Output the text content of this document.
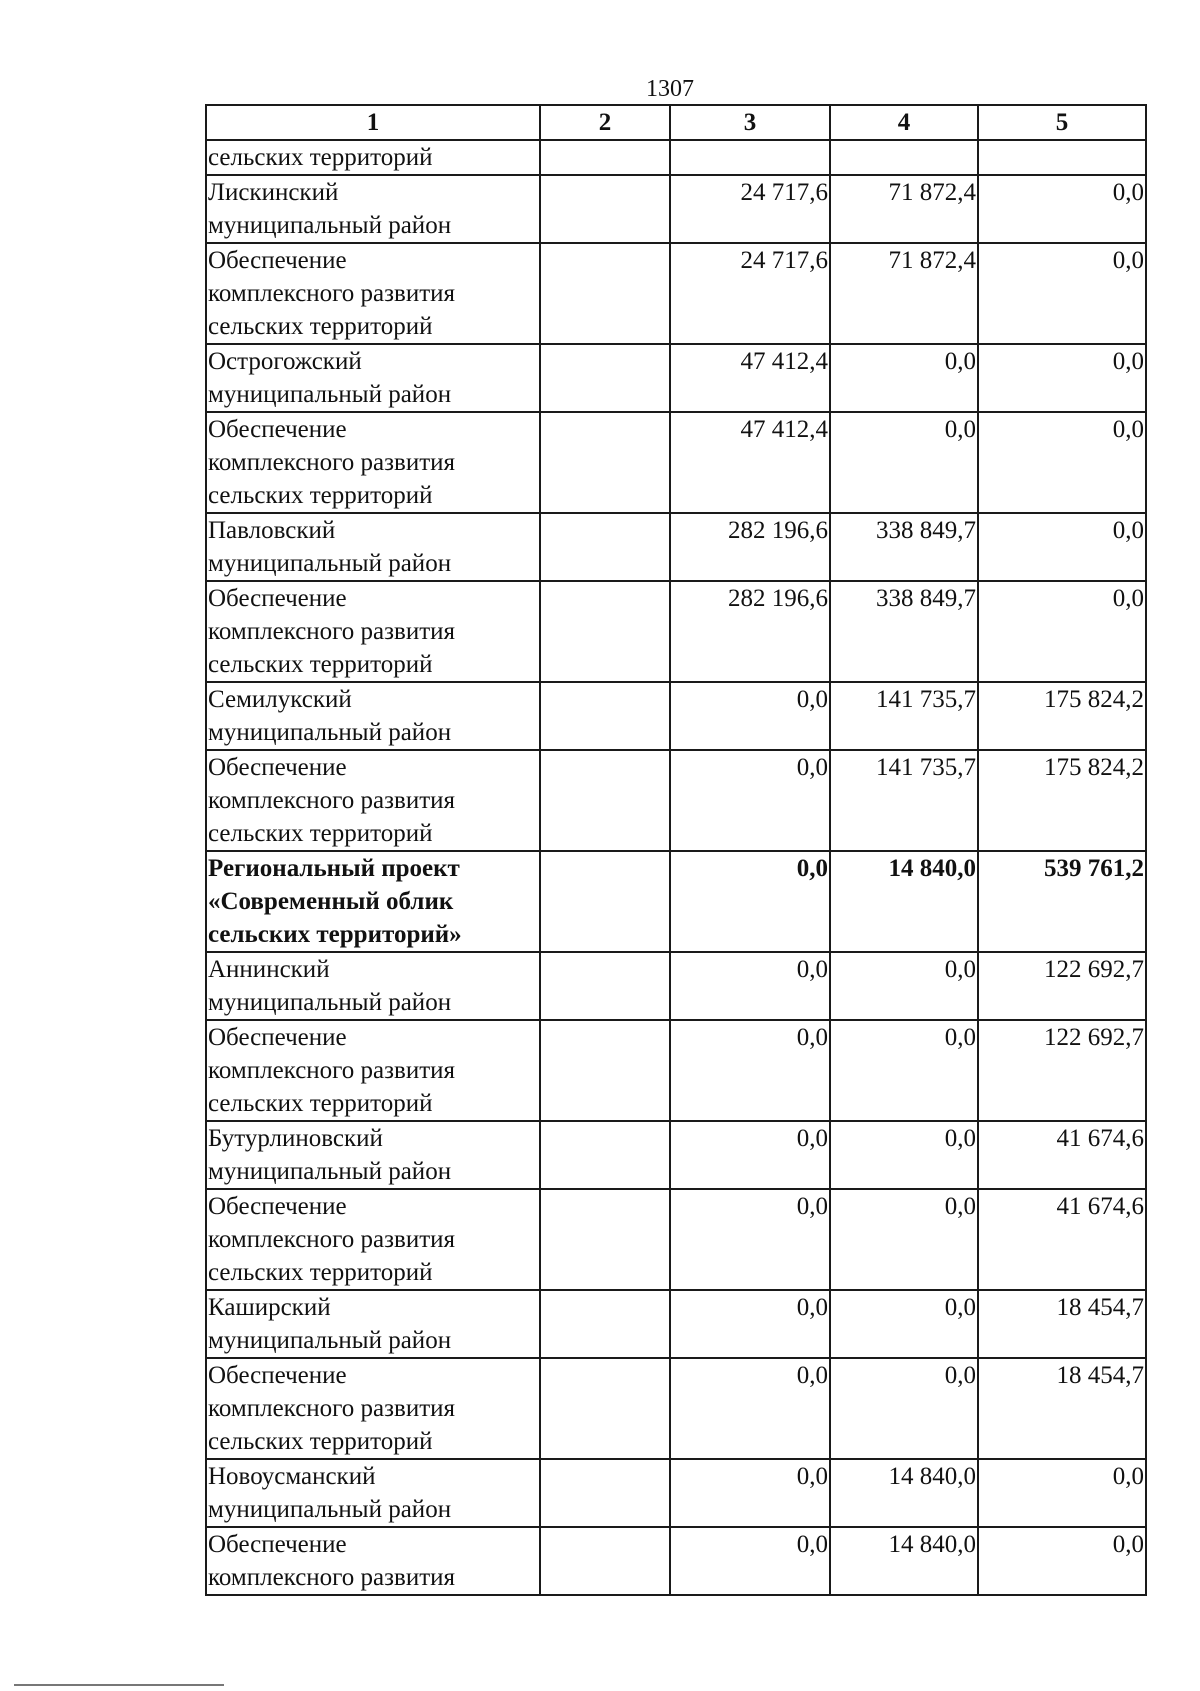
1307
1	2	3	4	5
сельских территорий				
Лискинский
муниципальный район		24 717,6	71 872,4	0,0
Обеспечение
комплексного развития
сельских территорий		24 717,6	71 872,4	0,0
Острогожский
муниципальный район		47 412,4	0,0	0,0
Обеспечение
комплексного развития
сельских территорий		47 412,4	0,0	0,0
Павловский
муниципальный район		282 196,6	338 849,7	0,0
Обеспечение
комплексного развития
сельских территорий		282 196,6	338 849,7	0,0
Семилукский
муниципальный район		0,0	141 735,7	175 824,2
Обеспечение
комплексного развития
сельских территорий		0,0	141 735,7	175 824,2
Региональный проект
«Современный облик
сельских территорий»		0,0	14 840,0	539 761,2
Аннинский
муниципальный район		0,0	0,0	122 692,7
Обеспечение
комплексного развития
сельских территорий		0,0	0,0	122 692,7
Бутурлиновский
муниципальный район		0,0	0,0	41 674,6
Обеспечение
комплексного развития
сельских территорий		0,0	0,0	41 674,6
Каширский
муниципальный район		0,0	0,0	18 454,7
Обеспечение
комплексного развития
сельских территорий		0,0	0,0	18 454,7
Новоусманский
муниципальный район		0,0	14 840,0	0,0
Обеспечение
комплексного развития		0,0	14 840,0	0,0
